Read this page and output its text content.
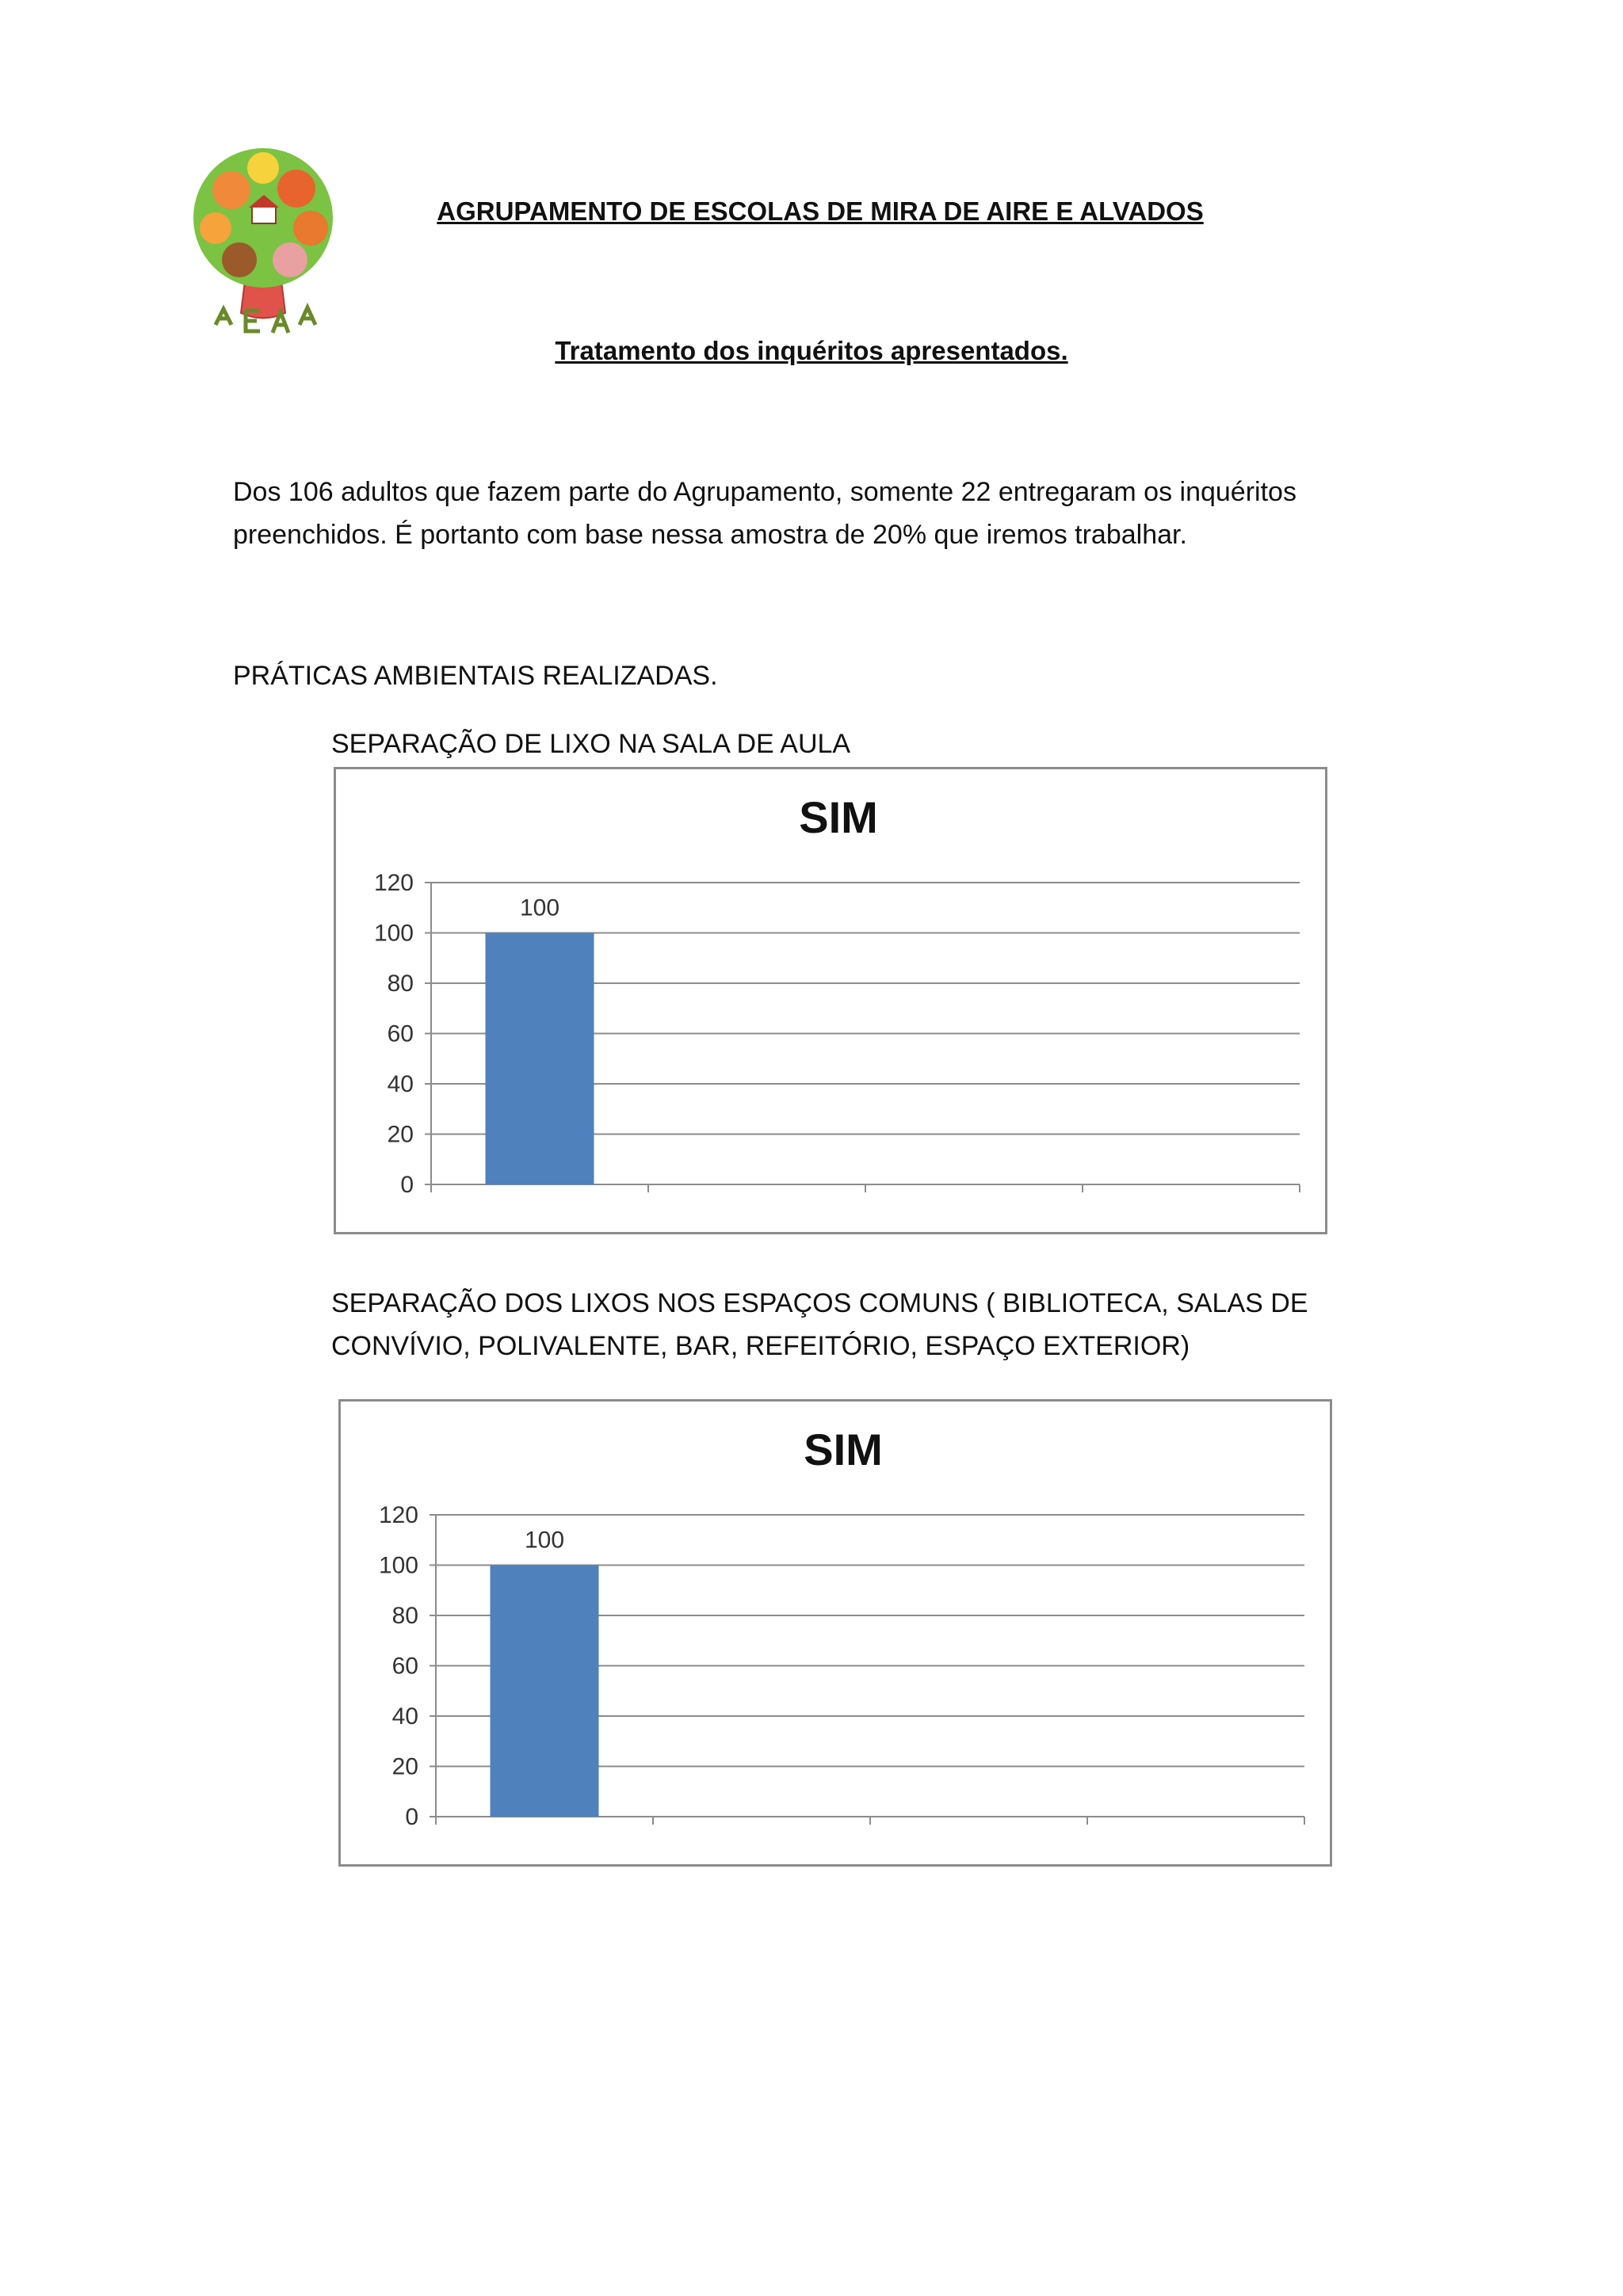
AGRUPAMENTO DE ESCOLAS DE MIRA DE AIRE E ALVADOS
Tratamento dos inquéritos apresentados.
Dos 106 adultos que fazem parte do Agrupamento, somente 22 entregaram os inquéritos preenchidos. É portanto com base nessa amostra de 20% que iremos trabalhar.
PRÁTICAS AMBIENTAIS REALIZADAS.
SEPARAÇÃO DE LIXO NA SALA DE AULA
SIM
0
20
40
60
80
100
120
100
SEPARAÇÃO DOS LIXOS NOS ESPAÇOS COMUNS ( BIBLIOTECA, SALAS DE CONVÍVIO, POLIVALENTE, BAR, REFEITÓRIO, ESPAÇO EXTERIOR)
SIM
0
20
40
60
80
100
120
100
